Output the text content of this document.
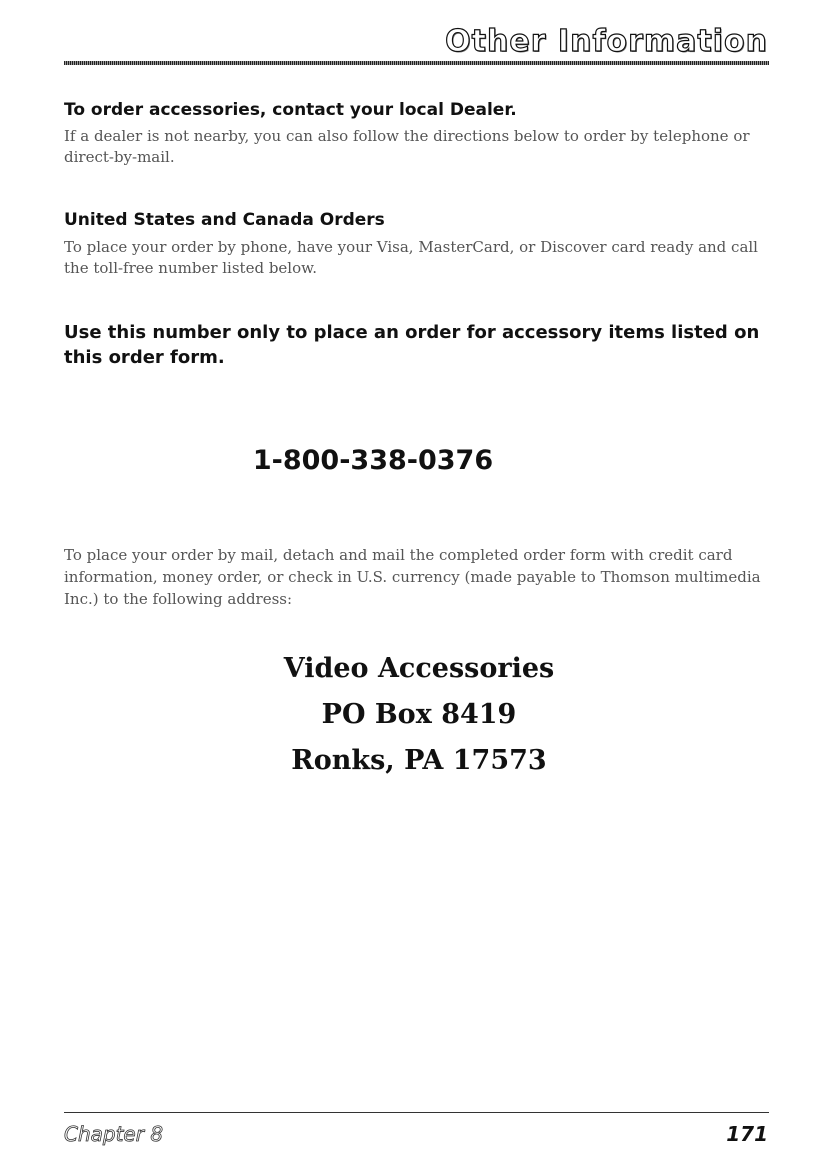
Other Information
To order accessories, contact your local Dealer.

If a dealer is not nearby, you can also follow the directions below to order by telephone or direct-by-mail.

United States and Canada Orders

To place your order by phone, have your Visa, MasterCard, or Discover card ready and call the toll-free number listed below.

Use this number only to place an order for accessory items listed on this order form.

1-800-338-0376

To place your order by mail, detach and mail the completed order form with credit card information, money order, or check in U.S. currency (made payable to Thomson multimedia Inc.) to the following address:

Video Accessories
PO Box 8419
Ronks, PA 17573

Chapter 8	171
